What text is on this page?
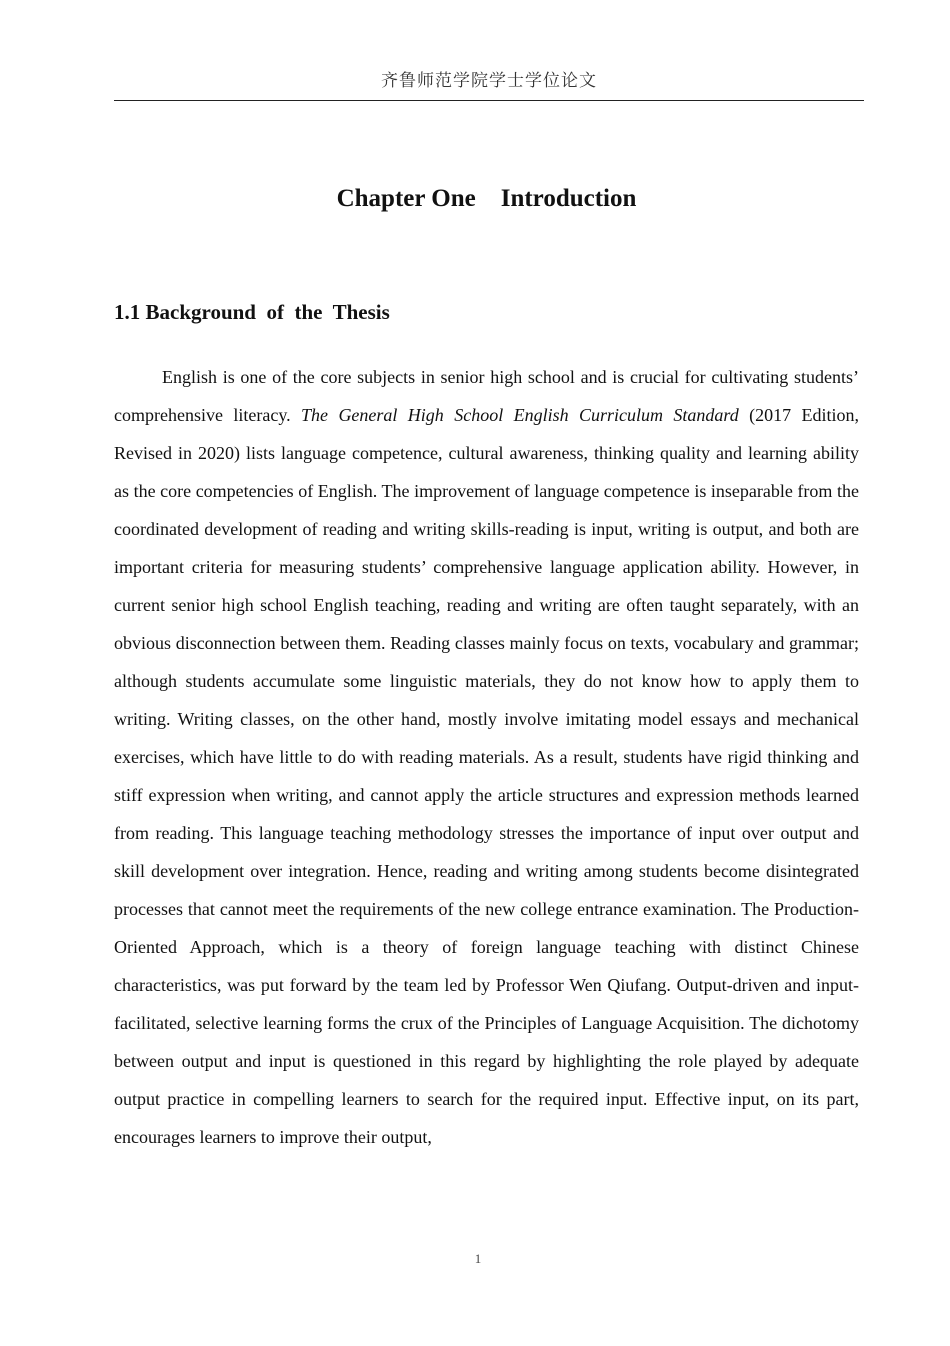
齐鲁师范学院学士学位论文
Chapter One    Introduction
1.1 Background  of  the  Thesis

English is one of the core subjects in senior high school and is crucial for cultivating students’ comprehensive literacy. The General High School English Curriculum Standard (2017 Edition, Revised in 2020) lists language competence, cultural awareness, thinking quality and learning ability as the core competencies of English. The improvement of language competence is inseparable from the coordinated development of reading and writing skills-reading is input, writing is output, and both are important criteria for measuring students’ comprehensive language application ability. However, in current senior high school English teaching, reading and writing are often taught separately, with an obvious disconnection between them. Reading classes mainly focus on texts, vocabulary and grammar; although students accumulate some linguistic materials, they do not know how to apply them to writing. Writing classes, on the other hand, mostly involve imitating model essays and mechanical exercises, which have little to do with reading materials. As a result, students have rigid thinking and stiff expression when writing, and cannot apply the article structures and expression methods learned from reading. This language teaching methodology stresses the importance of input over output and skill development over integration. Hence, reading and writing among students become disintegrated processes that cannot meet the requirements of the new college entrance examination. The Production-Oriented Approach, which is a theory of foreign language teaching with distinct Chinese characteristics, was put forward by the team led by Professor Wen Qiufang. Output-driven and input-facilitated, selective learning forms the crux of the Principles of Language Acquisition. The dichotomy between output and input is questioned in this regard by highlighting the role played by adequate output practice in compelling learners to search for the required input. Effective input, on its part, encourages learners to improve their output,

1
